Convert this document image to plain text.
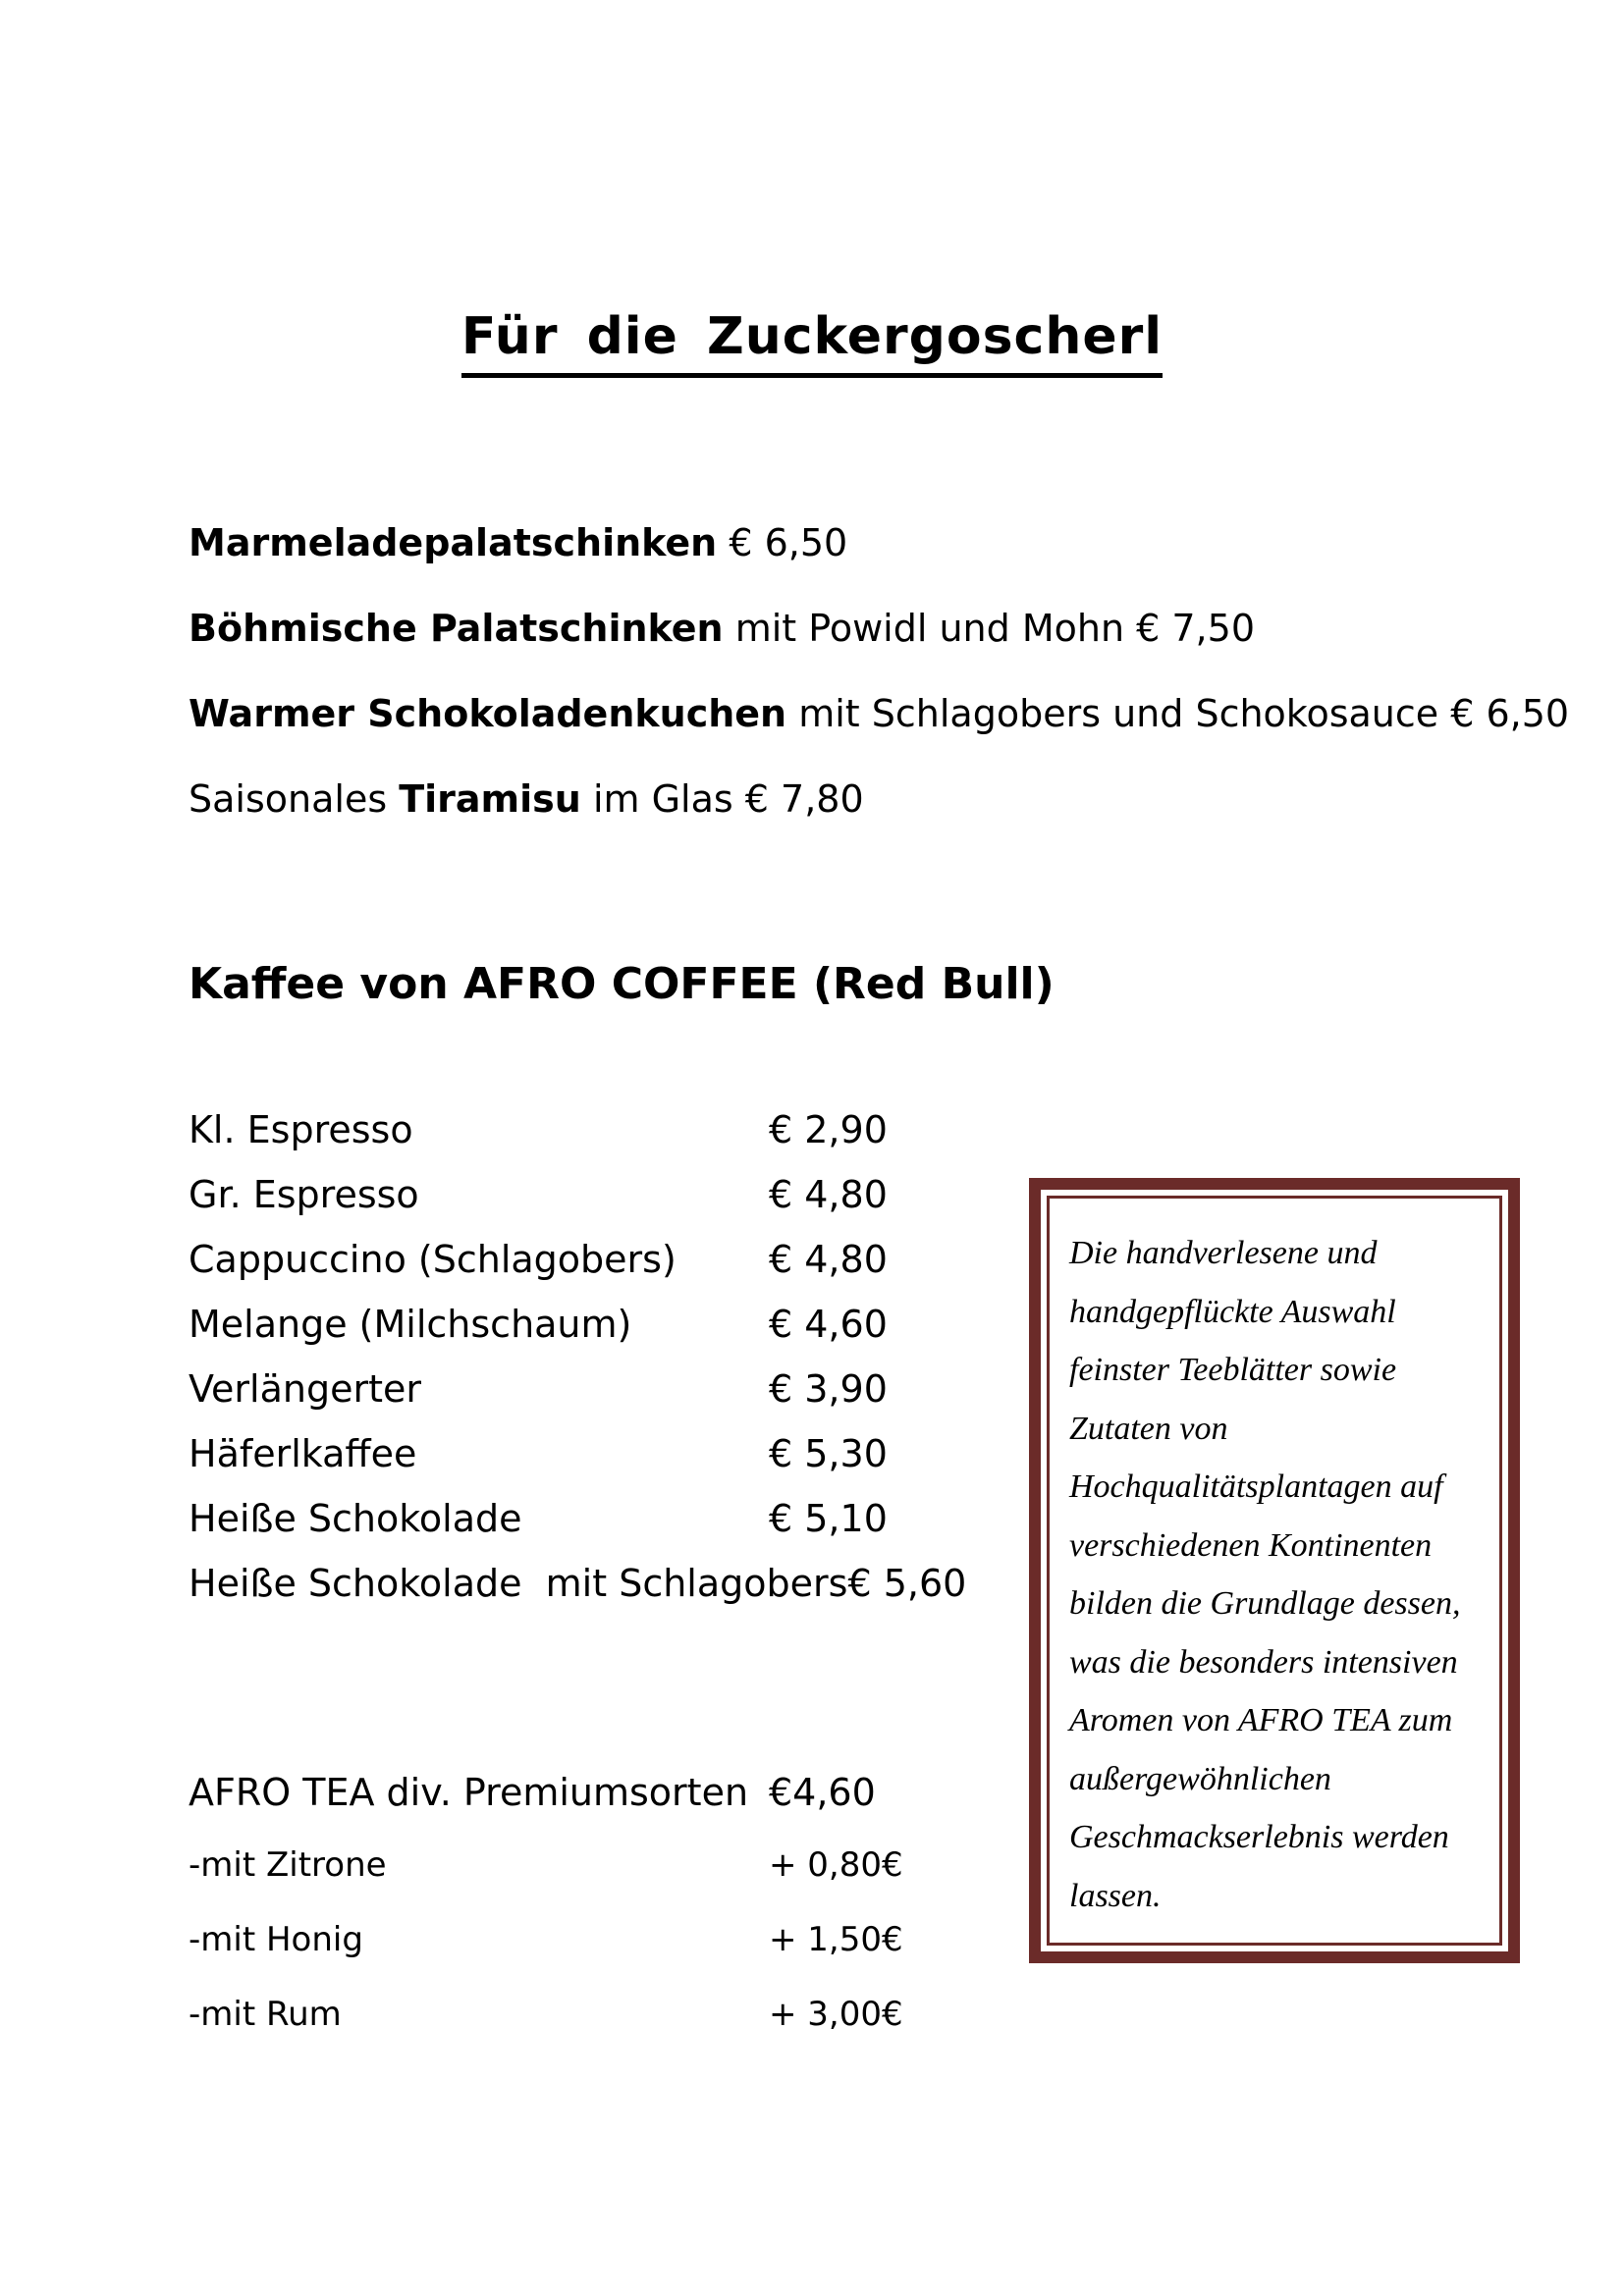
Für die Zuckergoscherl
Marmeladepalatschinken € 6,50
Böhmische Palatschinken mit Powidl und Mohn € 7,50
Warmer Schokoladenkuchen mit Schlagobers und Schokosauce € 6,50
Saisonales Tiramisu im Glas € 7,80
Kaffee von AFRO COFFEE (Red Bull)
Kl. Espresso	€ 2,90
Gr. Espresso	€ 4,80
Cappuccino (Schlagobers)	€ 4,80
Melange (Milchschaum)	€ 4,60
Verlängerter	€ 3,90
Häferlkaffee	€ 5,30
Heiße Schokolade	€ 5,10
Heiße Schokolade  mit Schlagobers € 5,60
AFRO TEA div. Premiumsorten €4,60
-mit Zitrone	+ 0,80€
-mit Honig	+ 1,50€
-mit Rum	+ 3,00€
Die handverlesene und
handgepflückte Auswahl
feinster Teeblätter sowie
Zutaten von
Hochqualitätsplantagen auf
verschiedenen Kontinenten
bilden die Grundlage dessen,
was die besonders intensiven
Aromen von AFRO TEA zum
außergewöhnlichen
Geschmackserlebnis werden
lassen.
